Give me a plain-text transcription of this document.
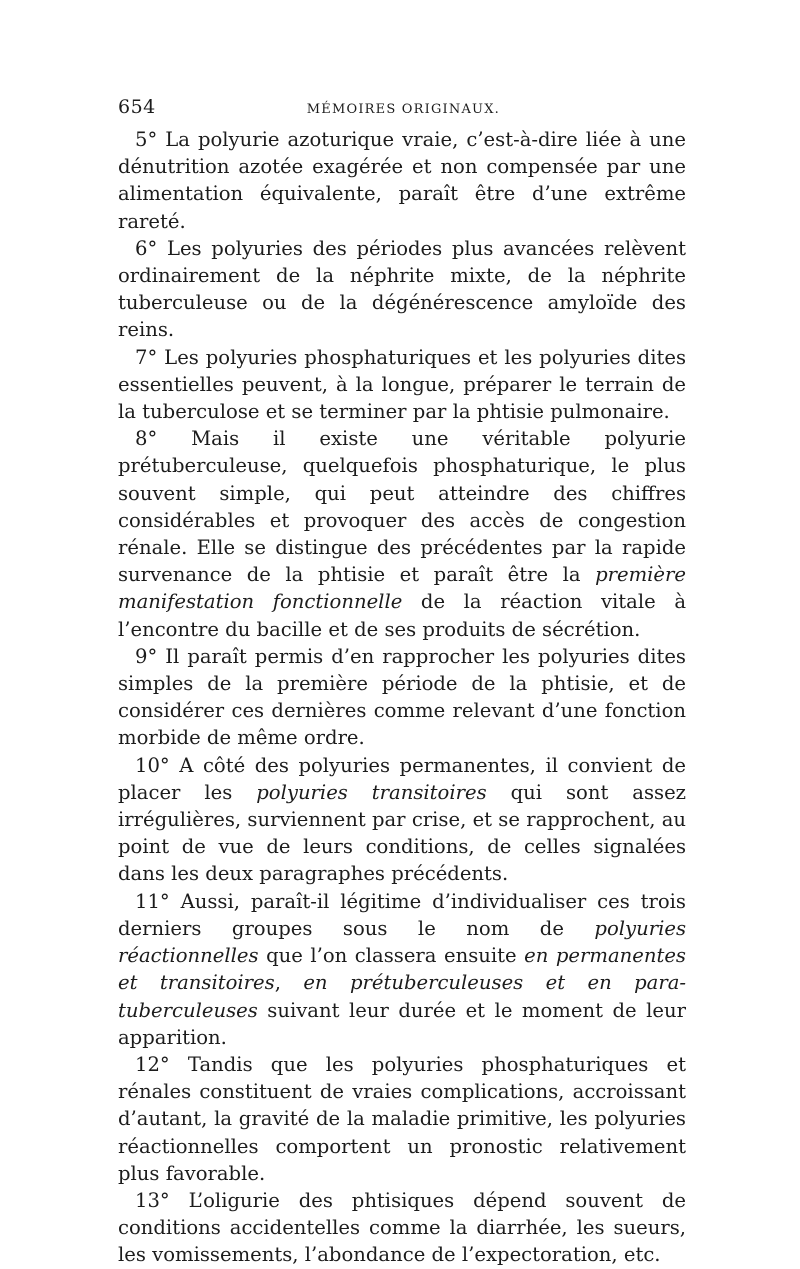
654	MÉMOIRES ORIGINAUX.

5° La polyurie azoturique vraie, c’est-à-dire liée à une dénutrition azotée exagérée et non compensée par une alimentation équivalente, paraît être d’une extrême rareté.

6° Les polyuries des périodes plus avancées relèvent ordinairement de la néphrite mixte, de la néphrite tuberculeuse ou de la dégénérescence amyloïde des reins.

7° Les polyuries phosphaturiques et les polyuries dites essentielles peuvent, à la longue, préparer le terrain de la tuberculose et se terminer par la phtisie pulmonaire.

8° Mais il existe une véritable polyurie prétuberculeuse, quelquefois phosphaturique, le plus souvent simple, qui peut atteindre des chiffres considérables et provoquer des accès de congestion rénale. Elle se distingue des précédentes par la rapide survenance de la phtisie et paraît être la première manifestation fonctionnelle de la réaction vitale à l’encontre du bacille et de ses produits de sécrétion.

9° Il paraît permis d’en rapprocher les polyuries dites simples de la première période de la phtisie, et de considérer ces dernières comme relevant d’une fonction morbide de même ordre.

10° A côté des polyuries permanentes, il convient de placer les polyuries transitoires qui sont assez irrégulières, surviennent par crise, et se rapprochent, au point de vue de leurs conditions, de celles signalées dans les deux paragraphes précédents.

11° Aussi, paraît-il légitime d’individualiser ces trois derniers groupes sous le nom de polyuries réactionnelles que l’on classera ensuite en permanentes et transitoires, en prétuberculeuses et en para-tuberculeuses suivant leur durée et le moment de leur apparition.

12° Tandis que les polyuries phosphaturiques et rénales constituent de vraies complications, accroissant d’autant, la gravité de la maladie primitive, les polyuries réactionnelles comportent un pronostic relativement plus favorable.

13° L’oligurie des phtisiques dépend souvent de conditions accidentelles comme la diarrhée, les sueurs, les vomissements, l’abondance de l’expectoration, etc.
